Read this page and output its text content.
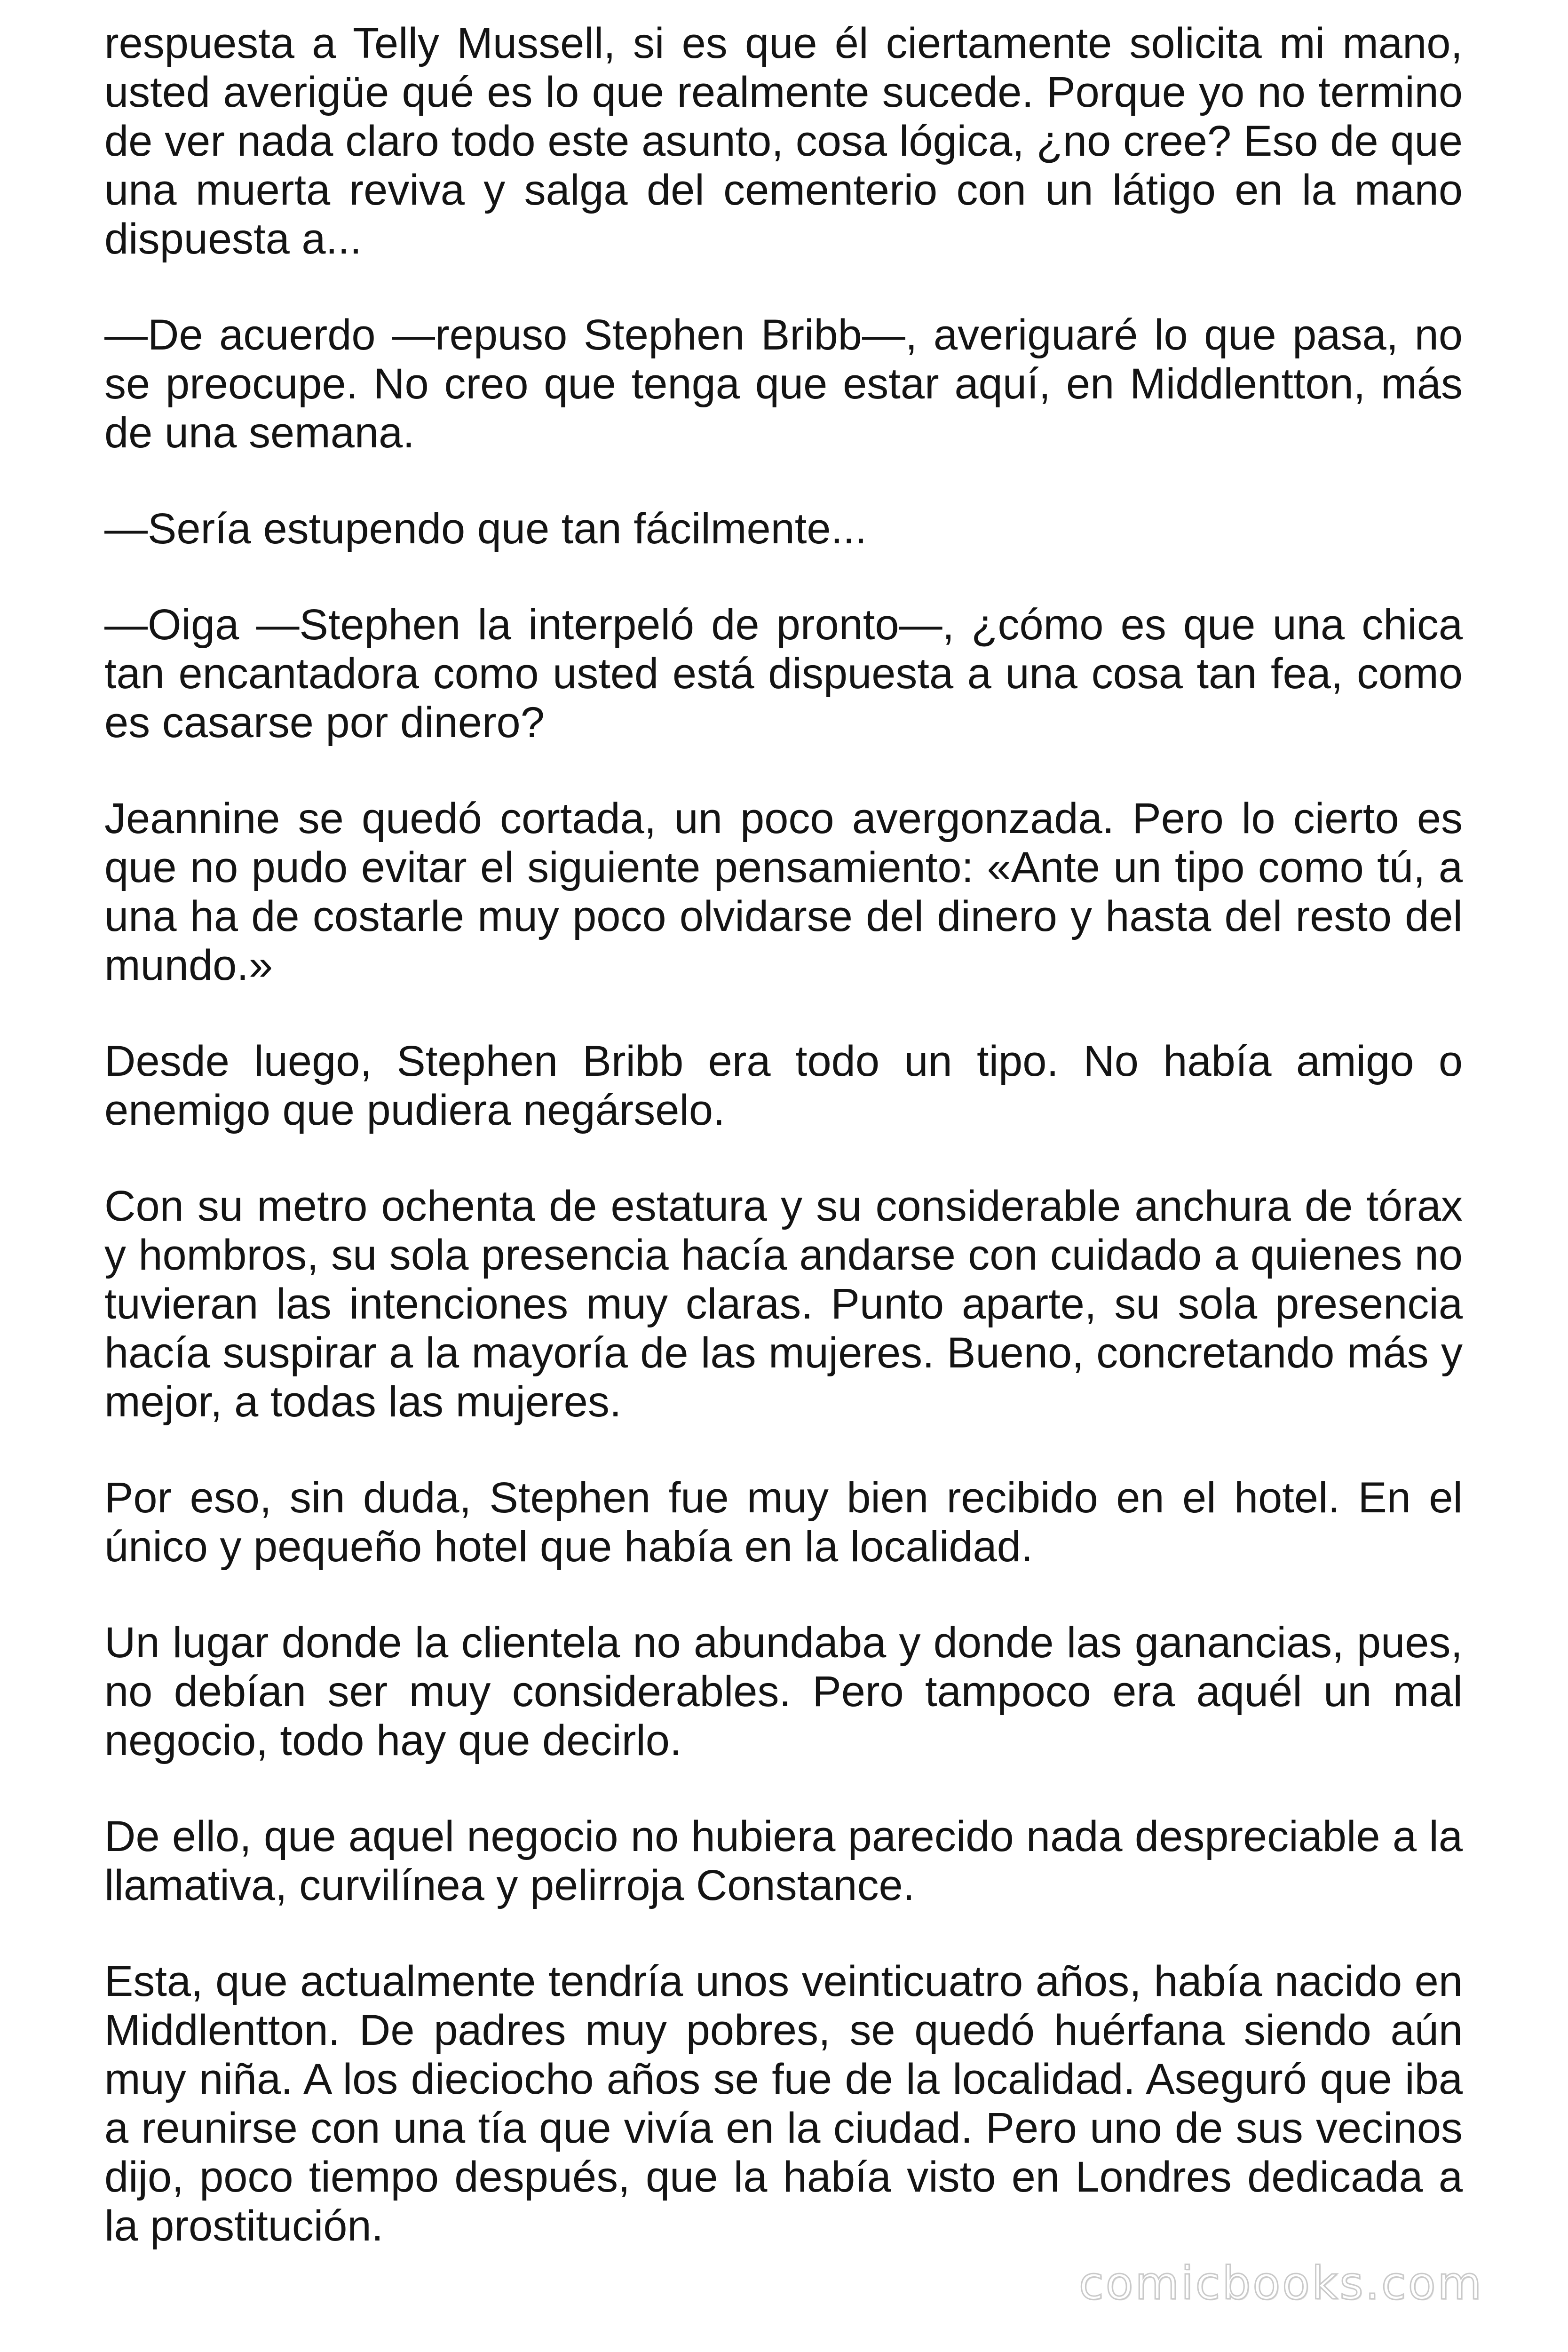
respuesta a Telly Mussell, si es que él ciertamente solicita mi mano, usted averigüe qué es lo que realmente sucede. Porque yo no termino de ver nada claro todo este asunto, cosa lógica, ¿no cree? Eso de que una muerta reviva y salga del cementerio con un látigo en la mano dispuesta a...

—De acuerdo —repuso Stephen Bribb—, averiguaré lo que pasa, no se preocupe. No creo que tenga que estar aquí, en Middlentton, más de una semana.

—Sería estupendo que tan fácilmente...

—Oiga —Stephen la interpeló de pronto—, ¿cómo es que una chica tan encantadora como usted está dispuesta a una cosa tan fea, como es casarse por dinero?

Jeannine se quedó cortada, un poco avergonzada. Pero lo cierto es que no pudo evitar el siguiente pensamiento: «Ante un tipo como tú, a una ha de costarle muy poco olvidarse del dinero y hasta del resto del mundo.»

Desde luego, Stephen Bribb era todo un tipo. No había amigo o enemigo que pudiera negárselo.

Con su metro ochenta de estatura y su considerable anchura de tórax y hombros, su sola presencia hacía andarse con cuidado a quienes no tuvieran las intenciones muy claras. Punto aparte, su sola presencia hacía suspirar a la mayoría de las mujeres. Bueno, concretando más y mejor, a todas las mujeres.

Por eso, sin duda, Stephen fue muy bien recibido en el hotel. En el único y pequeño hotel que había en la localidad.

Un lugar donde la clientela no abundaba y donde las ganancias, pues, no debían ser muy considerables. Pero tampoco era aquél un mal negocio, todo hay que decirlo.

De ello, que aquel negocio no hubiera parecido nada despreciable a la llamativa, curvilínea y pelirroja Constance.

Esta, que actualmente tendría unos veinticuatro años, había nacido en Middlentton. De padres muy pobres, se quedó huérfana siendo aún muy niña. A los dieciocho años se fue de la localidad. Aseguró que iba a reunirse con una tía que vivía en la ciudad. Pero uno de sus vecinos dijo, poco tiempo después, que la había visto en Londres dedicada a la prostitución.

comicbooks.com
